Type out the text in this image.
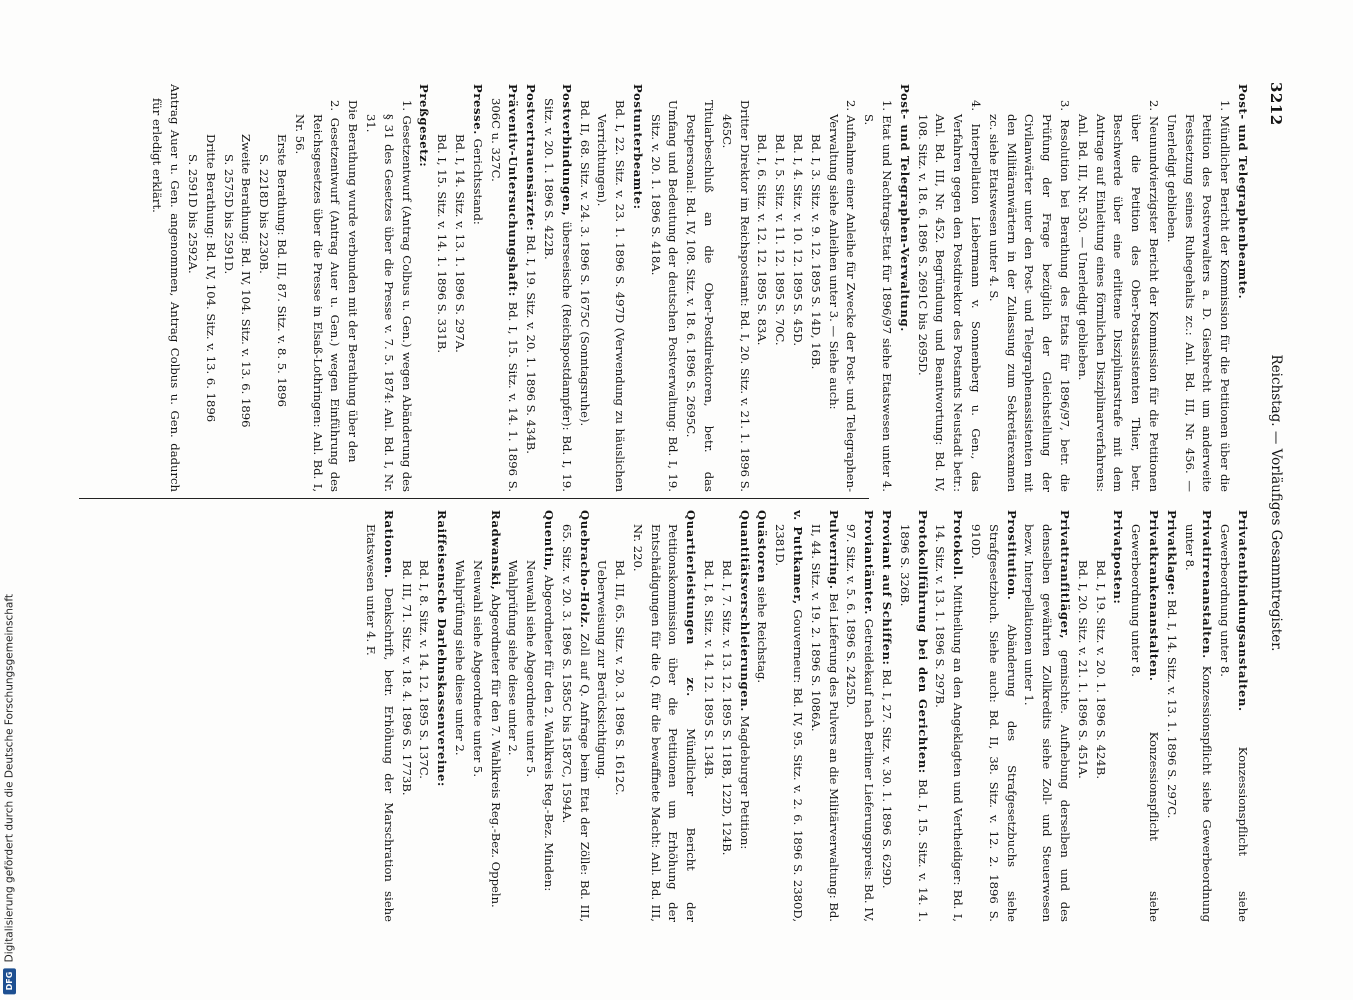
3212
Reichstag. — Vorläufiges Gesammtregister.

Post- und Telegraphenbeamte.

1. Mündlicher Bericht der Kommission für die Petitionen über die Petition des Postverwalters a. D. Giesbrecht um anderweite Festsetzung seines Ruhegehalts zc.: Anl. Bd. III, Nr. 456. — Unerledigt geblieben.

2. Neunundvierzigster Bericht der Kommission für die Petitionen über die Petition des Ober-Postassistenten Thier, betr. Beschwerde über eine erlittene Disziplinarstrafe mit dem Antrage auf Einleitung eines förmlichen Disziplinarverfahrens: Anl. Bd. III, Nr. 530. — Unerledigt geblieben.

3. Resolution bei Berathung des Etats für 1896/97, betr. die Prüfung der Frage bezüglich der Gleichstellung der Civilanwärter unter den Post- und Telegraphenassistenten mit den Militäranwärtern in der Zulassung zum Sekretärexamen zc. siehe Etatswesen unter 4. S.

4. Interpellation Liebermann v. Sonnenberg u. Gen., das Verfahren gegen den Postdirektor des Postamts Neustadt betr.: Anl. Bd. III, Nr. 452. Begründung und Beantwortung: Bd. IV, 108. Sitz. v. 18. 6. 1896 S. 2691C bis 2695D.

Post- und Telegraphen-Verwaltung.

1. Etat und Nachtrags-Etat für 1896/97 siehe Etatswesen unter 4. S.

2. Aufnahme einer Anleihe für Zwecke der Post- und Telegraphen-Verwaltung siehe Anleihen unter 3. — Siehe auch:

Bd. I, 3. Sitz. v. 9. 12. 1895 S. 14D, 16B.

Bd. I, 4. Sitz. v. 10. 12. 1895 S. 45D.

Bd. I, 5. Sitz. v. 11. 12. 1895 S. 70C.

Bd. I, 6. Sitz. v. 12. 12. 1895 S. 83A.

Dritter Direktor im Reichspostamt: Bd. I, 20. Sitz. v. 21. 1. 1896 S. 465C.

Titularbeschluß an die Ober-Postdirektoren, betr. das Postpersonal: Bd. IV, 108. Sitz. v. 18. 6. 1896 S. 2695C.

Umfang und Bedeutung der deutschen Postverwaltung: Bd. I, 19. Sitz. v. 20. 1. 1896 S. 418A.

Postunterbeamte:

Bd. I, 22. Sitz. v. 23. 1. 1896 S. 497D (Verwendung zu häuslichen Verrichtungen).

Bd. II, 68. Sitz. v. 24. 3. 1896 S. 1675C (Sonntagsruhe).

Postverbindungen, überseeische (Reichspostdampfer): Bd. I, 19. Sitz. v. 20. 1. 1896 S. 422B.

Postvertrauensärzte: Bd. I, 19. Sitz. v. 20. 1. 1896 S. 434B.

Präventiv-Untersuchungshaft: Bd. I, 15. Sitz. v. 14. 1. 1896 S. 306C u. 327C.

Presse. Gerichtsstand:

Bd. I, 14. Sitz. v. 13. 1. 1896 S. 297A.

Bd. I, 15. Sitz. v. 14. 1. 1896 S. 331B.

Preßgesetz:

1. Gesetzentwurf (Antrag Colbus u. Gen.) wegen Abänderung des § 31 des Gesetzes über die Presse v. 7. 5. 1874: Anl. Bd. I, Nr. 31.

Die Berathung wurde verbunden mit der Berathung über den

2. Gesetzentwurf (Antrag Auer u. Gen.) wegen Einführung des Reichsgesetzes über die Presse in Elsaß-Lothringen: Anl. Bd. I, Nr. 56.

Erste Berathung: Bd. III, 87. Sitz. v. 8. 5. 1896

S. 2218D bis 2230B.

Zweite Berathung: Bd. IV, 104. Sitz. v. 13. 6. 1896

S. 2575D bis 2591D.

Dritte Berathung: Bd. IV, 104. Sitz. v. 13. 6. 1896

S. 2591D bis 2592A.

Antrag Auer u. Gen. angenommen, Antrag Colbus u. Gen. dadurch für erledigt erklärt.

Privatentbindungsanstalten. Konzessionspflicht siehe Gewerbeordnung unter 8.

Privatirrenanstalten. Konzessionspflicht siehe Gewerbeordnung unter 8.

Privatklage: Bd. I, 14. Sitz. v. 13. 1. 1896 S. 297C.

Privatkrankenanstalten. Konzessionspflicht siehe Gewerbeordnung unter 8.

Privatposten:

Bd. I, 19. Sitz. v. 20. 1. 1896 S. 424B.

Bd. I, 20. Sitz. v. 21. 1. 1896 S. 451A.

Privattranfitläger, gemischte. Aufhebung derselben und des denselben gewährten Zollkredits siehe Zoll- und Steuerwesen bezw. Interpellationen unter 1.

Prostitution. Abänderung des Strafgesetzbuchs siehe Strafgesetzbuch. Siehe auch: Bd. II, 38. Sitz. v. 12. 2. 1896 S. 910D.

Protokoll. Mittheilung an den Angeklagten und Vertheidiger: Bd. I, 14. Sitz. v. 13. 1. 1896 S. 297B.

Protokollführung bei den Gerichten: Bd. I, 15. Sitz. v. 14. 1. 1896 S. 326B.

Proviant auf Schiffen: Bd. I, 27. Sitz. v. 30. 1. 1896 S. 629D.

Proviantämter. Getreidekauf nach Berliner Lieferungspreis: Bd. IV, 97. Sitz. v. 5. 6. 1896 S. 2425D.

Pulverring. Bei Lieferung des Pulvers an die Militärverwaltung: Bd. II, 44. Sitz. v. 19. 2. 1896 S. 1086A.

v. Puttkamer, Gouverneur: Bd. IV, 95. Sitz. v. 2. 6. 1896 S. 2380D, 2381D.

Quästoren siehe Reichstag.

Quantitätsverschleierungen. Magdeburger Petition:

Bd. I, 7. Sitz. v. 13. 12. 1895 S. 118B, 122D, 124B.

Bd. I, 8. Sitz. v. 14. 12. 1895 S. 134B.

Quartierleistungen zc. Mündlicher Bericht der Petitionskommission über die Petitionen um Erhöhung der Entschädigungen für die Q. für die bewaffnete Macht: Anl. Bd. III, Nr. 220.

Bd. III, 65. Sitz. v. 20. 3. 1896 S. 1612C.

Ueberweisung zur Berücksichtigung.

Quebracho-Holz. Zoll auf Q. Anfrage beim Etat der Zölle: Bd. III, 65. Sitz. v. 20. 3. 1896 S. 1585C bis 1587C, 1594A.

Quentin, Abgeordneter für den 2. Wahlkreis Reg.-Bez. Minden:

Neuwahl siehe Abgeordnete unter 5.

Wahlprüfung siehe diese unter 2.

Radwanski, Abgeordneter für den 7. Wahlkreis Reg.-Bez. Oppeln.

Neuwahl siehe Abgeordnete unter 5.

Wahlprüfung siehe diese unter 2.

Raiffeisensche Darlehnskassenvereine:

Bd. I, 8. Sitz. v. 14. 12. 1895 S. 137C.

Bd. III, 71. Sitz. v. 18. 4. 1896 S. 1773B.

Rationen. Denkschrift, betr. Erhöhung der Marschration siehe Etatswesen unter 4. F.

DFG
Digitalisierung gefördert durch die Deutsche Forschungsgemeinschaft
